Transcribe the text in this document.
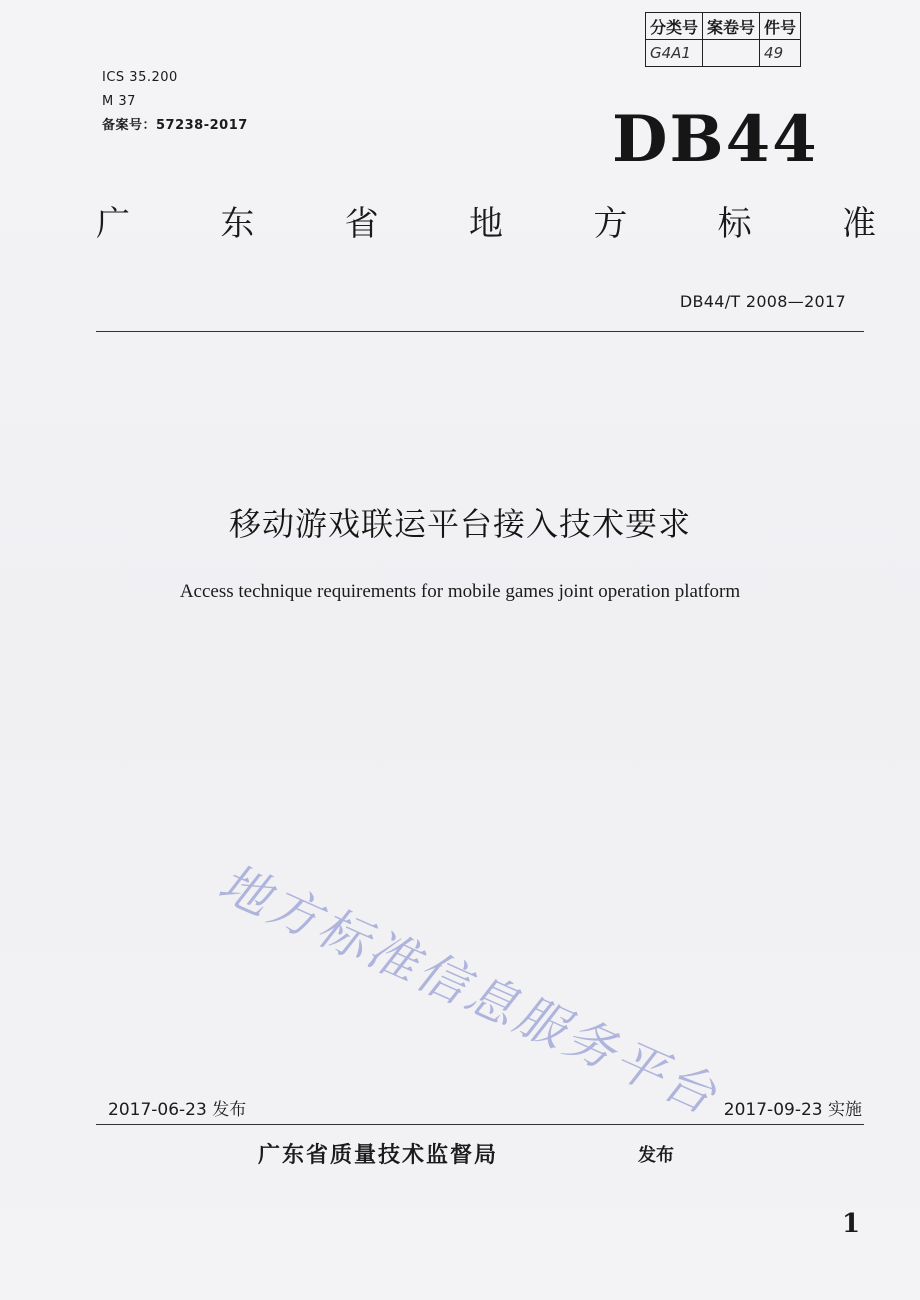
ICS 35.200
M 37
备案号：57238-2017
分类号	案卷号	件号
G4A1		49
DB44
广	东	省	地	方	标	准
DB44/T 2008—2017
移动游戏联运平台接入技术要求
Access technique requirements for mobile games joint operation platform
地方标准信息服务平台
2017-06-23 发布	2017-09-23 实施
广东省质量技术监督局	发布
1
